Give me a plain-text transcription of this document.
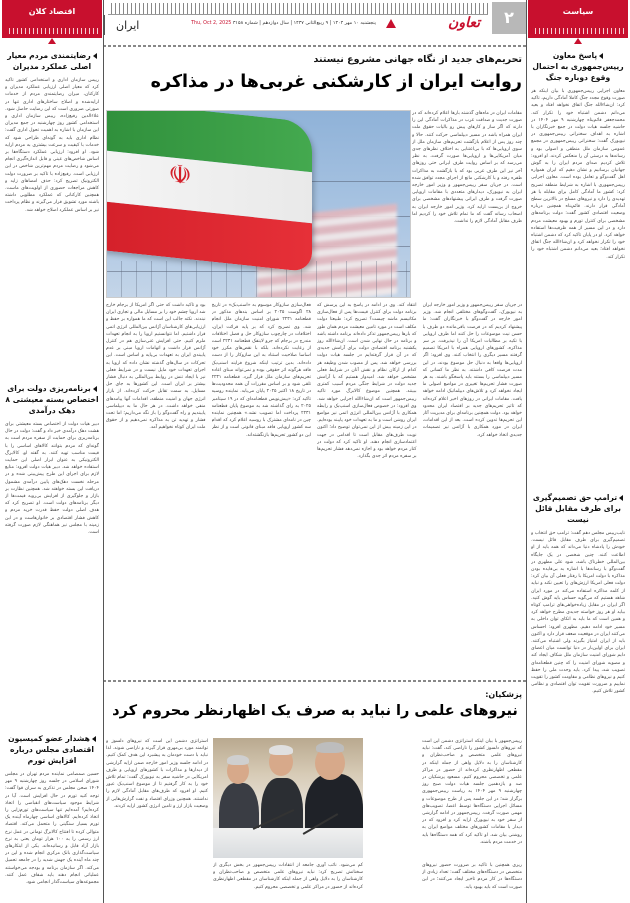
سیاست
پاسخ معاون رییس‌جمهوری به احتمال وقوع دوباره جنگ
معاون اجرایی رییس‌جمهوری با بیان اینکه هر صورت وقوع مجدد جنگ کاملا آمادگی داریم، تاکید کرد: ان‌شاءالله جنگ اتفاق نخواهد افتاد و بعید می‌دانم دشمن اشتباه خود را تکرار کند. محمدجعفر قائم‌پناه چهارشنبه ۹ مهر ۱۴۰۴ در حاشیه جلسه هیات دولت در جمع خبرنگاران با اشاره به اهداف سخنرانی رییس‌جمهوری در نیویورک گفت: سخنرانی رییس‌جمهوری در مجمع عمومی سازمان ملل منطقی و اصولی بود و رسانه‌ها به درستی آن را منعکس کردند. او افزود: تلاش کردیم صدای مردم ایران را به گوش جهانیان برسانیم و نشان دهیم که ایران همواره اهل گفت‌وگو و تعامل بوده است. معاون اجرایی رییس‌جمهوری با اشاره به شرایط منطقه تصریح کرد: کشور ما آمادگی کامل برای مقابله با هر تهدیدی را دارد و نیروهای مسلح در بالاترین سطح آمادگی قرار دارند. قائم‌پناه همچنین درباره وضعیت اقتصادی کشور گفت: دولت برنامه‌های مشخصی برای کنترل تورم و بهبود معیشت مردم دارد و در این مسیر از همه ظرفیت‌ها استفاده خواهد کرد. او در پایان تاکید کرد که دشمن اشتباه خود را تکرار نخواهد کرد و ان‌شاءالله جنگ اتفاق نخواهد افتاد؛ بعید می‌دانم دشمن اشتباه خود را تکرار کند.
ترامپ حق تصمیم‌گیری برای طرف مقابل قائل نیست
نایب‌رییس مجلس دهم گفت: ترامپ حق انتخاب و تصمیم‌گیری برای طرف مقابل قائل نیست. خودش را پادشاه دنیا می‌داند که همه باید از او اطاعت کنند. چنین شخصی در یک جایگاه بین‌المللی خطرناک باشد، شود علی مطهری در گفت‌وگو با رسانه‌ها با اشاره به بی‌فایده بودن مذاکره با دولت امریکا با رفتار فعلی آن بیان کرد: دولت فعلی امریکا ارزش‌های را تعیین نکند و نباید از کلمه مذاکره استفاده می‌کند در مورد ایران شاهد هستیم که می‌گوید حساس باید گوش کنید. اگر ایران در مقابل زیاده‌خواهی‌های ترامپ کوتاه بیاید او هر روز خواسته جدیدی مطرح خواهد کرد و همین است که ما باید به اتکای توان داخلی به مسیر خود ادامه دهیم. مطهری افزود: احساس می‌کنند ایران در موقعیت ضعف قرار دارد و اکنون باید از ایران امتیاز بگیرند ولی اشتباه می‌کنند. ایران برای اولین‌بار در دنیا توانست میان اعضای دایم شورای امنیت سازمان ملل شکاف ایجاد کند و مصوبه شورای امنیت را که چنین قطعنامه‌ای تصویب شد، پیدا کرد. باید وحدت ملی را حفظ کنیم و نیروهای نظامی و مقاومت کشور را تقویت نماییم و ضرورت تقویت توان اقتصادی و نظامی کشور تلاش کنیم.
اقتصاد کلان
رضایتمندی مردم معیار اصلی عملکرد مدیران
رییس سازمان اداری و استخدامی کشور تاکید کرد که معیار اصلی ارزیابی عملکرد مدیران و کارکنان، میزان رضایتمندی مردم از خدمات ارایه‌شده و اصلاح ساختارهای اداری تنها در صورتی ضروری است که این رضایت حاصل شود. علاءالدین رفیع‌زاده، رییس سازمان اداری و استخدامی کشور روز چهارشنبه در جمع مدیران این سازمان با اشاره به اهمیت تحول اداری گفت: نظام اداری باید به گونه‌ای طراحی شود که خدمات با کیفیت و سرعت بیشتری به مردم ارایه شود. او افزود: ارزیابی عملکرد دستگاه‌ها بر اساس شاخص‌های عینی و قابل اندازه‌گیری انجام می‌شود و رضایت مردم مهم‌ترین شاخص در این ارزیابی است. رفیع‌زاده با تاکید بر ضرورت دولت الکترونیک تصریح کرد: حذف امضاهای زاید و کاهش مراجعات حضوری از اولویت‌های ماست. همچنین کارکنانی که عملکرد مطلوبی داشته باشند مورد تشویق قرار می‌گیرند و نظام پرداخت نیز بر اساس عملکرد اصلاح خواهد شد.
برنامه‌ریزی دولت برای اختصاص بسته معیشتی ۸ دهک درآمدی
دبیر هیات دولت از اختصاص بسته معیشتی برای هشت دهک درآمدی خبر داد و گفت: دولت در حال برنامه‌ریزی برای حمایت از سفره مردم است به گونه‌ای که مردم بتوانند کالاهای اساسی را با قیمت مناسب تهیه کنند. به گفته او، کالابرگ الکترونیکی به عنوان ابزار اصلی این حمایت استفاده خواهد شد. دبیر هیات دولت افزود: منابع لازم برای اجرای این طرح پیش‌بینی شده و در مرحله نخست دهک‌های پایین درآمدی مشمول دریافت این بسته خواهند شد. همچنین نظارت بر بازار و جلوگیری از افزایش بی‌رویه قیمت‌ها از دیگر برنامه‌های دولت است. او تصریح کرد که هدف اصلی دولت حفظ قدرت خرید مردم و کاهش فشار اقتصادی بر خانوارهاست و در این زمینه با مجلس نیز هماهنگی لازم صورت گرفته است.
هشدار عضو کمیسیون اقتصادی مجلس درباره افزایش تورم
حسین صمصامی نماینده مردم تهران در مجلس شورای اسلامی در جلسه روز چهارشنبه ۹ مهر ۱۴۰۴ صحن مجلس در تذکری به سران قوا گفت: توجه کنید تورم در حال افزایش است. آیا در شرایط موجود سیاست‌های انقباضی را اتخاذ کرده‌ایم؟ آمده‌ایم تنها سیاست‌های تورم‌زایی را اتخاذ کرده‌ایم. کالاهای اساسی چهارماه آینده یک تورم بسیار سنگینی را متحمل می‌کند. اقتصاد متوالی کرده تا افتتاح کالابرگ تومانی در عمل نرخ ارز رسمی را به ۱۰۰ هزار تومان یعنی به نرخ بازار آزاد قابل و رسانیده‌اند. یکی از ابتکارهای سیاست‌گذاری بانک مرکزی انجام شده و این در چند ماه آینده یک جهش شدید را در جامعه تحمیل می‌کند. اگر سازمان برنامه و بودجه می‌خواستند عملیاتی انجام دهند باید شفاف عمل کنند. مجموعه‌های سیاست‌گذار انجامی شود.
۲
تعاون
پنجشنبه ۱۰ مهر ۱۴۰۴ | ۹ ربیع‌الثانی ۱۴۴۷ | سال دوازدهم | شماره ۳۱۵۸ Thu, Oct 2, 2025
ایران
تحریم‌های جدید از نگاه جهانی مشروع نیستند
روایت ایران از کارشکنی غربی‌ها در مذاکره
☫
مقامات ایران در ماه‌های گذشته بارها اعلام کرده‌اند که در صورت جدیت و صداقت غرب در مذاکرات آمادگی این را دارند که اگر ساز و کارهای پیش رو بالیات حقوق ملت ایران همراه باشد در مسیر دیپلماسی حرکت کنند. حالا و چند روز پس از اعلام بازگشت تحریم‌های سازمان ملل از سوی اروپایی‌ها که با بی‌اعتنایی به اختلاف نظرهای جدی میان آمریکایی‌ها و اروپایی‌ها صورت گرفت، به نظر می‌رسد که بر اساس روایت طرف ایرانی حتی روزهای آخر نیز این طرف غربی بود که با بازگشت به مذاکرات طفره رفته و با کارشکنی مانع از اجرای مجدد توافق شده است. در جریان سفر رییس‌جمهور و وزیر امور خارجه ایران به نیویورک، دیدارهای متعددی با مقامات اروپایی صورت گرفت و طرف ایرانی پیشنهادهای مشخصی برای خروج از بن‌بست ارایه کرد. وزیر امور خارجه ایران به اصحاب رسانه گفت که ما تمام تلاش خود را کردیم اما طرف مقابل آمادگی لازم را نداشت.
در جریان سفر رییس‌جمهور و وزیر امور خارجه ایران به نیویورک، گفت‌وگوهای مختلفی انجام شد. وزیر امور خارجه در گفت‌وگو با خبرنگاران گفت: ما پیشنهاد کردیم که در فرصت باقی‌مانده دو طرف با حسن نیت موضوعات را حل کنند اما طرف اروپایی با تکیه بر مطالبات امریکا آن را نپذیرفت. بر سر مذاکره، کشورهای اروپایی همراه با امریکا تصمیم گرفتند مسیر دیگری را انتخاب کنند. وی افزود: اگر اروپایی‌ها واقعا به دنبال حل موضوع بودند، در این مدت فرصت کافی داشتند. به نظر ما کسانی که مسیر دیپلماسی را بستند باید پاسخگو باشند. به هر صورت فشار تحریم‌ها تغییری در مواضع اصولی ما ایجاد نخواهد کرد و تلاش‌های دیپلماتیک ادامه خواهد یافت. مقامات ایرانی در روزهای اخیر اعلام کرده‌اند که تاثیر تحریم‌های جدید بر اقتصاد ایران محدود خواهد بود. دولت همچنین برنامه‌ای برای مدیریت آثار این تحریم‌ها تدوین کرده است. بعد از این اقدامات، ایران در مورد همکاری با آژانس نیز تصمیمات جدیدی اتخاذ خواهد کرد.
انتقاد کند. وی در ادامه در پاسخ به این پرسش که برنامه دولت برای کنترل قیمت‌ها پس از فعال‌سازی مکانیسم ماشه چیست؟ تصریح کرد: طبیعتا دولت مکلف است در مورد تامین معیشت مردم همان طور که بارها رییس‌جمهور تذکر داده‌اند برنامه داشته باشد و برنامه در حال نهایی شدن است. ان‌شاءالله روز یکشنبه برنامه اقتصادی دولت برای آرامش جدیدی که در آن قرار گرفته‌ایم در جلسه هیات دولت بررسی خواهد شد. پس از مصوب شدن وظیفه هر کدام از ارکان نظام و نقش آنان در شرایط فعلی مشخص خواهد شد. امیدوار هستیم که با آرامش جدید دولت در شرایط جنگی مردم آسیب کمتری ببینند. همچنین موضوع کالابرگ مورد تاکید رییس‌جمهور است که ان‌شاءالله اجرایی خواهد شد. وی افزود: در خصوص فعال‌سازی اسنپ‌بک و رابطه همکاری با آژانس بین‌المللی انرژی اتمی نیز مواضع ایران روشن است و ما به تعهدات خود پایبند بوده‌ایم. در این زمینه بیش از این نمی‌توان توضیح داد؛ اکنون نوبت طرف‌های مقابل است تا اقدامی در جهت اعتمادسازی انجام دهند. او تاکید کرد که دولت در کنار مردم خواهد بود و اجازه نمی‌دهد فشار تحریم‌ها بر سفره مردم اثر جدی بگذارد.
فعال‌سازی سازوکار موسوم به «اسنپ‌بک» در تاریخ ۲۸ اگوست ۲۰۲۵ بر اساس بندهای مذکور در قطعنامه ۲۲۳۱ شورای امنیت سازمان ملل انجام شد. وی تصریح کرد که بر پایه قرائت ایران، اختلافات در چارچوب سازوکار حل و فصل اختلافات مندرج در برجام که جزو لاینفک قطعنامه ۲۲۳۱ است از رعایت نکرده‌اند. بلکه با نقض‌های مکرر خود اساسا صلاحیت استناد به این سازوکار را از دست داده‌اند. بدین ترتیب اینکه شروع فرایند اسنپ‌بک فاقد هرگونه اثر حقوقی بوده و نمی‌تواند مبنای اعاده تحریم‌های سازمان ملل قرار گیرد. قطعنامه ۲۲۳۱ تلقی شود و بر اساس مقررات آن همه محدودیت‌ها در تاریخ ۱۸ اکتبر ۲۰۲۵ پایان می‌یابد. نماینده روسیه تاکید کرد: «پیش‌نویس قطعنامه‌ای که در ۱۹ سپتامبر ۲۰۲۵ به رای گذاشته شد به موضوع پایان قطعنامه ۲۲۳۱ پرداخت اما تصویب نشد.» همچنین نماینده چین در نامه‌ای مشترک با روسیه اعلام کرد که اقدام سه کشور اروپایی فاقد مبنای قانونی است و از نظر این دو کشور تحریم‌ها بازنگشته‌اند.
بود و تاکید داشت که حتی اگر امریکا از برجام خارج شد اروپا چشم خود را بر مسایل مالی و تجاری ایران نبندند. نکته جالب این است که ما همواره بر حفظ و ارزیابی‌های کارشناسان آژانس بین‌المللی انرژی اتمی قرار داشتیم. اما نتوانستیم اروپا را به انجام تعهدات ملزم کنیم. حتی افزایش غنی‌سازی هم در کنترل آژانس قرار داشت و اتهامات اروپا مبنی بر عدم پایبندی ایران به تعهدات بی‌پایه و اساس است. این تحرکات در سال‌های گذشته نشان داده که اروپا به اجرای تعهدات خود مایل نیست و در شرایط فعلی نیز با ایجاد تنش در روابط بین‌المللی به دنبال فشار بیشتر بر ایران است. این کشورها به جای حل مسایل، به سمت تقابل حرکت کرده‌اند. از بازار انرژی جهان و امنیت منطقه، اقدامات آنها پیامدهای منفی خواهد داشت. در هر حال ما به دیپلماسی پایبندیم و راه گفت‌وگو را باز نگه می‌داریم؛ اما تحت فشار و تهدید تن به مذاکره نمی‌دهیم و از حقوق ملت ایران کوتاه نخواهیم آمد.
پزشکیان:
نیروهای علمی را نباید به صرف یک اظهارنظر محروم کرد
رییس‌جمهور با بیان اینکه استراتژی دشمن این است که نیروهای دلسوز کشور را ناراضی کند، گفت: نباید نیروهای علمی متخصص و صاحب‌نظران و کارشناسان را به دلایل واهی از جمله اینکه در مقطعی اظهارنظری کرده‌اند از حضور در مراکز علمی و تخصصی محروم کنیم. مسعود پزشکیان در صد و یازدهمین جلسه هیات دولت صبح روز چهارشنبه ۹ مهر ۱۴۰۴ به ریاست رییس‌جمهوری برگزار شد؛ در این جلسه پس از طرح موضوعات و مسائل اجرایی دستگاه‌ها توسط اعضا، تصویب‌های مهمی صورت گرفت. رییس‌جمهور در ادامه گزارشی از سفر خود به نیویورک ارایه کرد و افزود که در دیدار با مقامات کشورهای مختلف مواضع ایران به روشنی بیان شد. او تاکید کرد که همه دستگاه‌ها باید در خدمت مردم باشند.
استراتژی دشمن این است که نیروهای دلسوز و توانمند مورد بی‌مهری قرار گیرند و ناراضی شوند. لذا نباید با دست خودمان به پیشبرد این هدف کمک کنیم. در ادامه جلسه وزیر امور خارجه ضمن ارایه گزارشی از دیدارها و مذاکرات با کشورهای اروپایی و طرف امریکایی در حاشیه سفر به نیویورک گفت: تمام تلاش خود را به کار گرفتیم تا از موضوع اسنپ‌بک عبور کنیم. او افزود که طرف‌های مقابل آمادگی لازم را نداشتند. همچنین وزرای اقتصاد و نفت گزارش‌هایی از وضعیت بازار ارز و تامین انرژی کشور ارایه کردند.
کم می‌شود. نائب آوری جامعه از انتقادات رییس‌جمهور در بخش دیگری از سخنانش تصریح کرد: نباید نیروهای علمی متخصص و صاحب‌نظران و کارشناسان را به دلایل واهی از جمله اینکه کارشناسان در مقطعی اظهارنظری کرده‌اند از حضور در مراکز علمی و تخصصی محروم کنیم.
ریزی همچنین با تاکید بر ضرورت حضور نیروهای متخصص در دستگاه‌های مختلف گفت: تعداد زیادی از دستگاه‌ها در کار مردم تاخیر ایجاد می‌کنند؛ در این صورت است که باید بهبود یابد.
